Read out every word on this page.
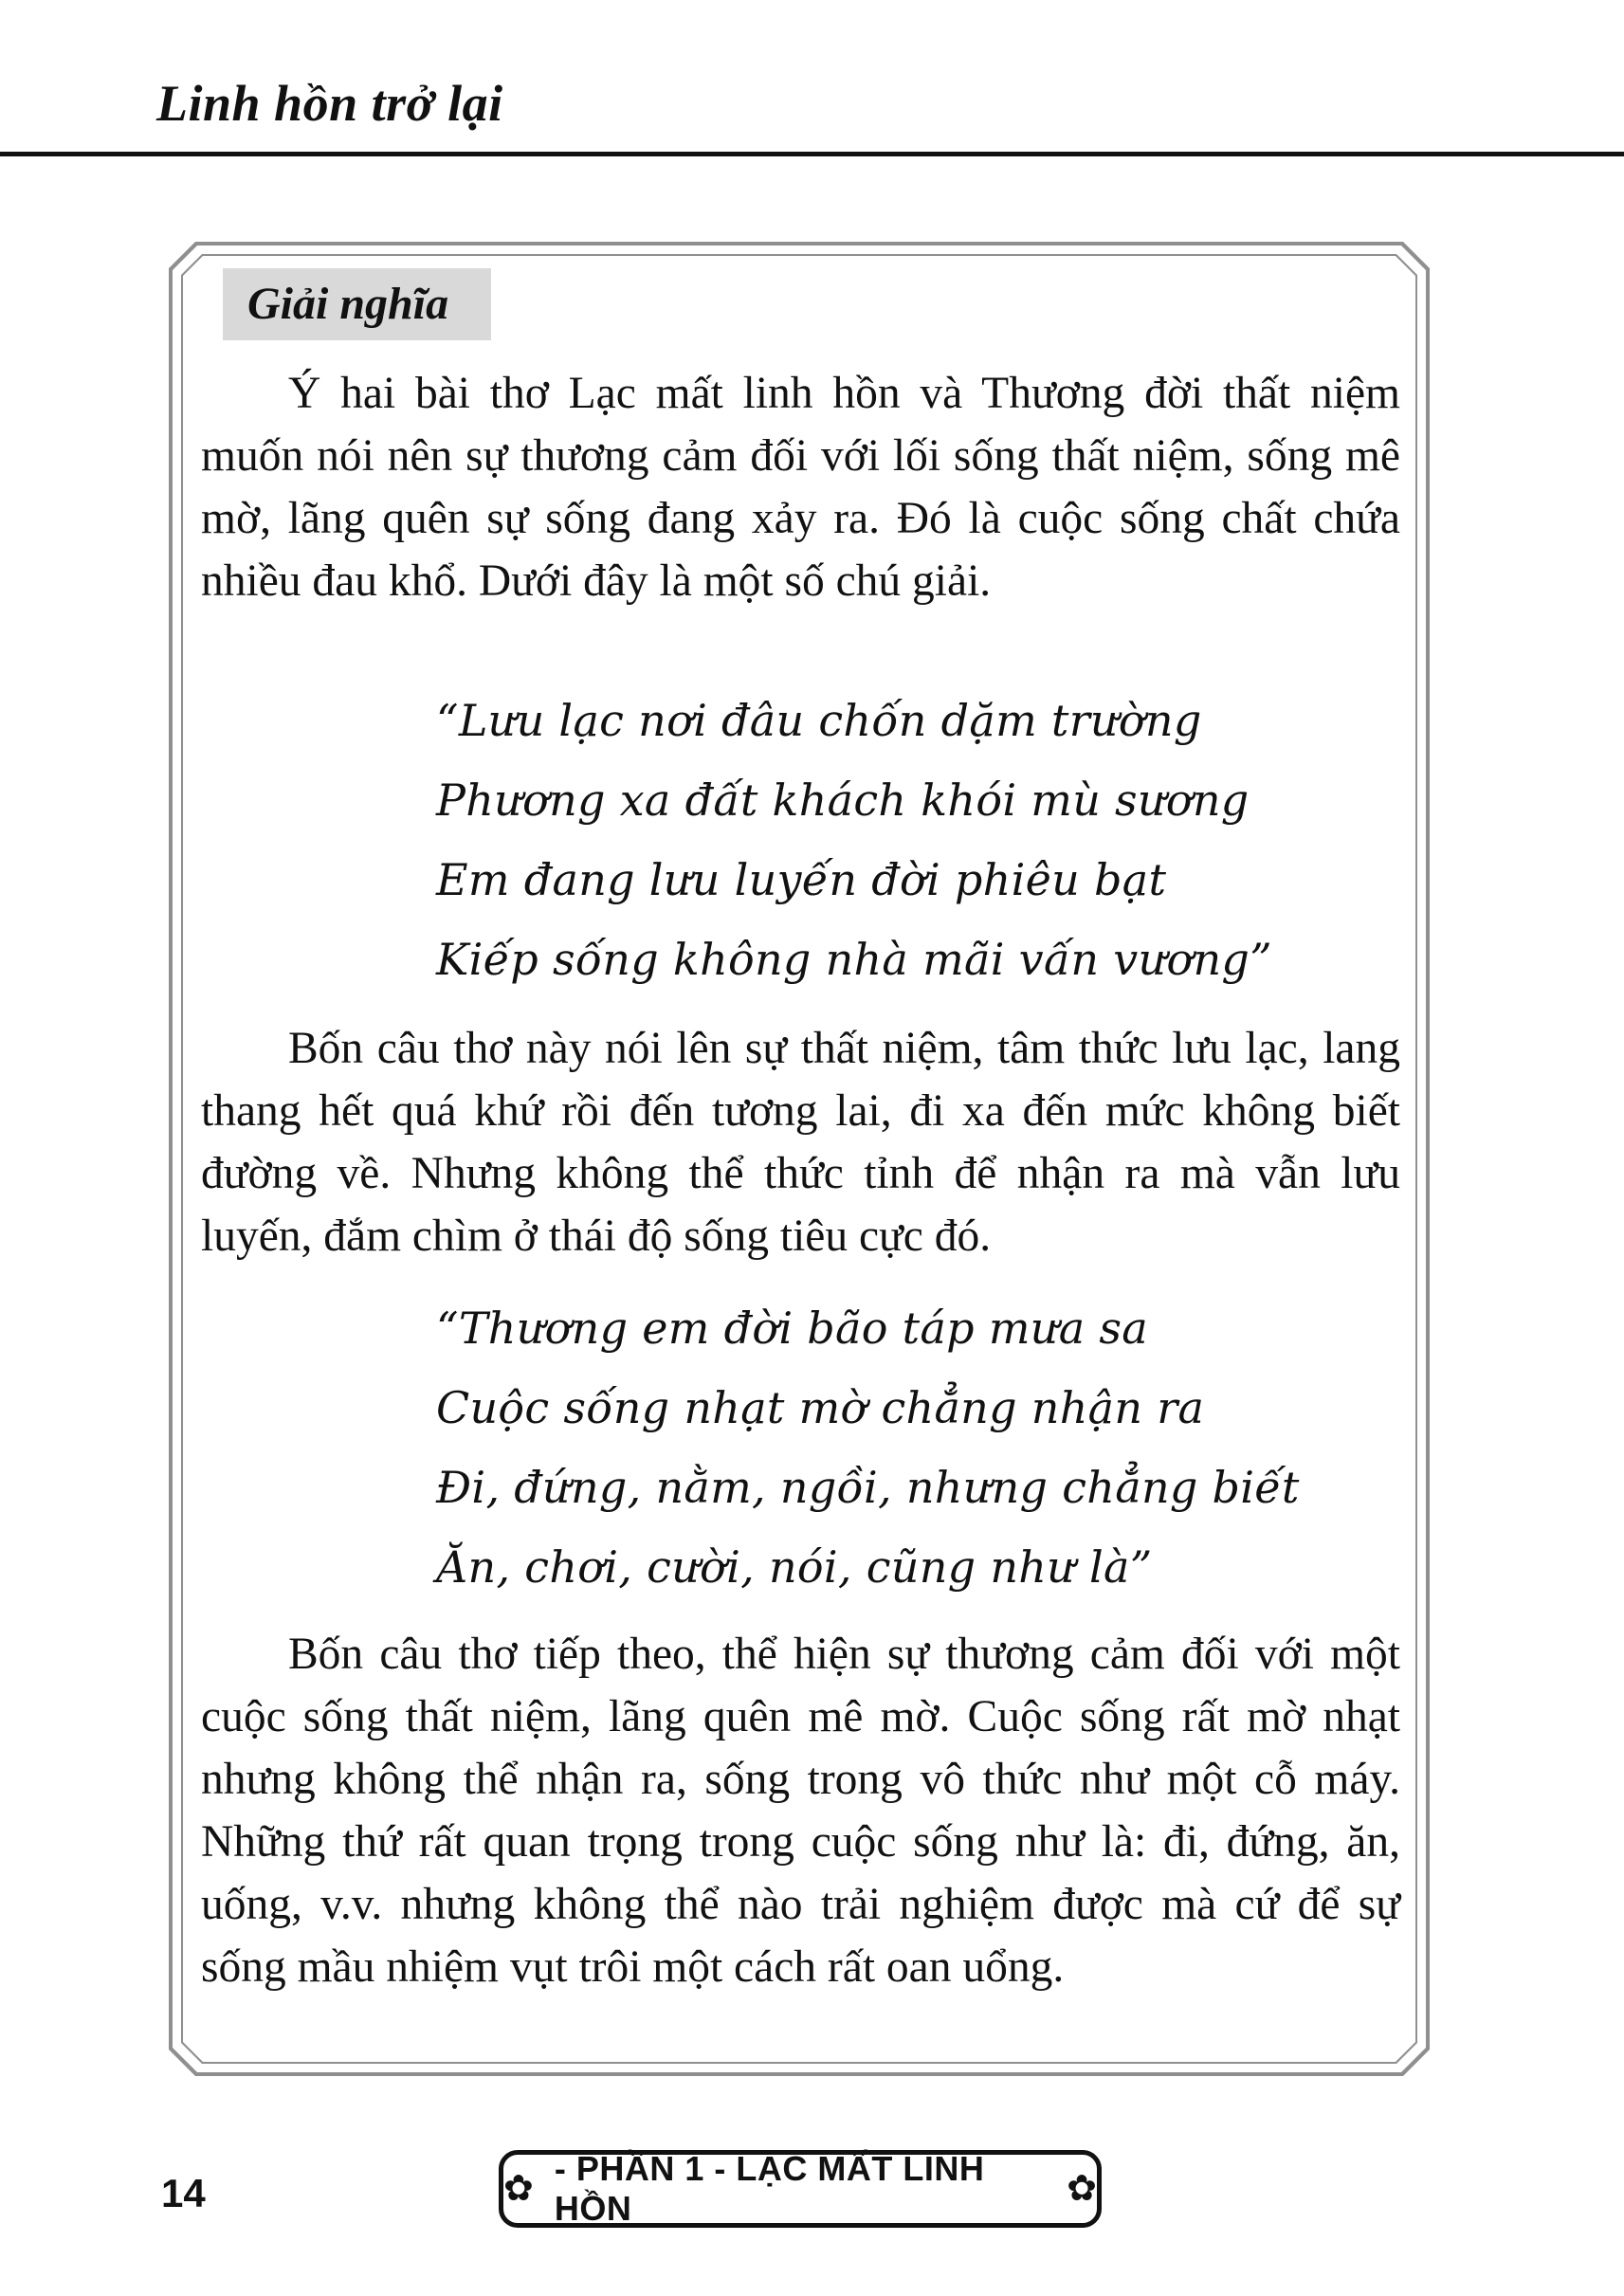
Linh hồn trở lại
Giải nghĩa

Ý hai bài thơ Lạc mất linh hồn và Thương đời thất niệm muốn nói nên sự thương cảm đối với lối sống thất niệm, sống mê mờ, lãng quên sự sống đang xảy ra. Đó là cuộc sống chất chứa nhiều đau khổ. Dưới đây là một số chú giải.

“Lưu lạc nơi đâu chốn dặm trường
Phương xa đất khách khói mù sương
Em đang lưu luyến đời phiêu bạt
Kiếp sống không nhà mãi vấn vương”

Bốn câu thơ này nói lên sự thất niệm, tâm thức lưu lạc, lang thang hết quá khứ rồi đến tương lai, đi xa đến mức không biết đường về. Nhưng không thể thức tỉnh để nhận ra mà vẫn lưu luyến, đắm chìm ở thái độ sống tiêu cực đó.

“Thương em đời bão táp mưa sa
Cuộc sống nhạt mờ chẳng nhận ra
Đi, đứng, nằm, ngồi, nhưng chẳng biết
Ăn, chơi, cười, nói, cũng như là”

Bốn câu thơ tiếp theo, thể hiện sự thương cảm đối với một cuộc sống thất niệm, lãng quên mê mờ. Cuộc sống rất mờ nhạt nhưng không thể nhận ra, sống trong vô thức như một cỗ máy. Những thứ rất quan trọng trong cuộc sống như là: đi, đứng, ăn, uống, v.v. nhưng không thể nào trải nghiệm được mà cứ để sự sống mầu nhiệm vụt trôi một cách rất oan uổng.

14	✿
- PHẦN 1 - LẠC MẤT LINH HỒN	✿
